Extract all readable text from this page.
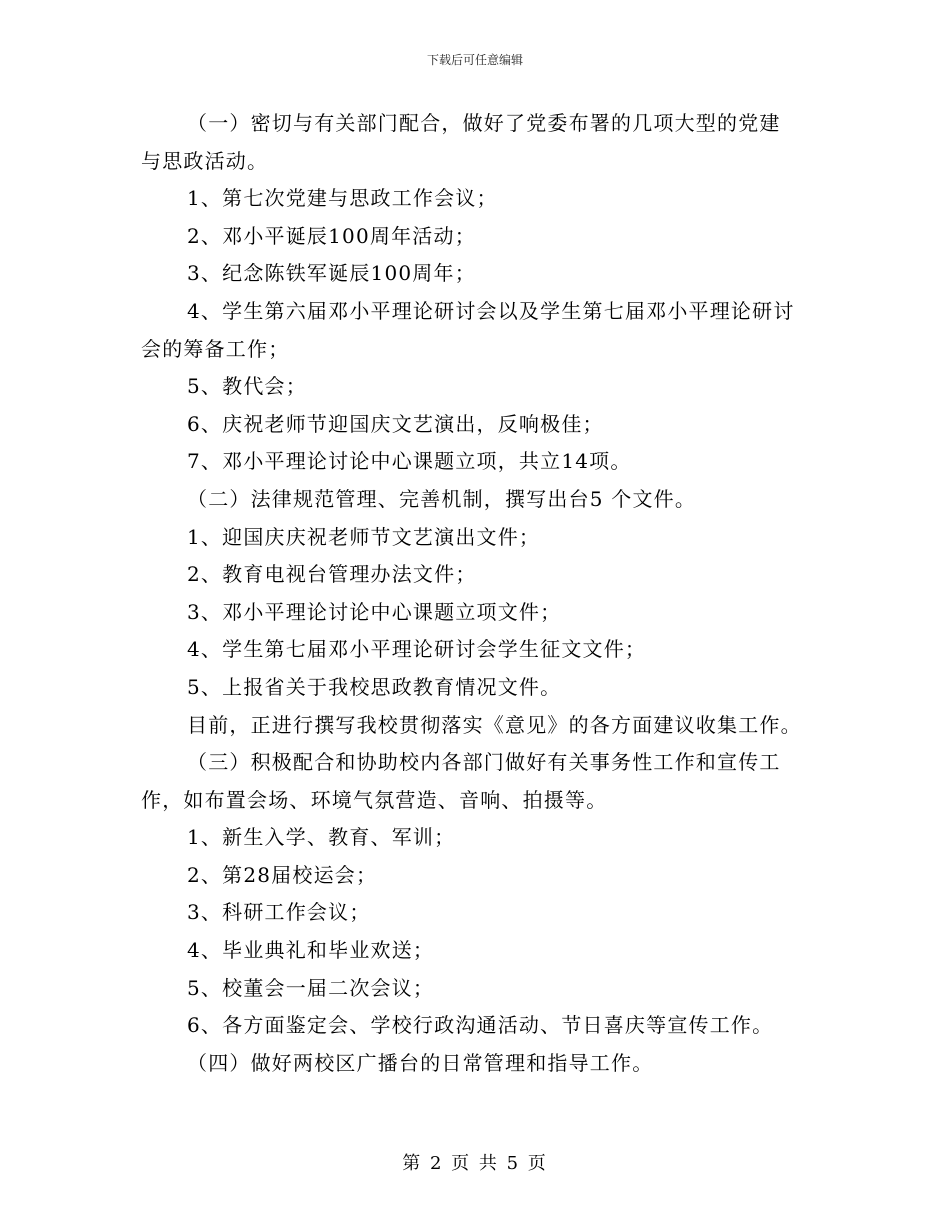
下载后可任意编辑
（一）密切与有关部门配合，做好了党委布署的几项大型的党建
与思政活动。
1、第七次党建与思政工作会议；
2、邓小平诞辰100周年活动；
3、纪念陈铁军诞辰100周年；
4、学生第六届邓小平理论研讨会以及学生第七届邓小平理论研讨
会的筹备工作；
5、教代会；
6、庆祝老师节迎国庆文艺演出，反响极佳；
7、邓小平理论讨论中心课题立项，共立14项。
（二）法律规范管理、完善机制，撰写出台5 个文件。
1、迎国庆庆祝老师节文艺演出文件；
2、教育电视台管理办法文件；
3、邓小平理论讨论中心课题立项文件；
4、学生第七届邓小平理论研讨会学生征文文件；
5、上报省关于我校思政教育情况文件。
目前，正进行撰写我校贯彻落实《意见》的各方面建议收集工作。
（三）积极配合和协助校内各部门做好有关事务性工作和宣传工
作，如布置会场、环境气氛营造、音响、拍摄等。
1、新生入学、教育、军训；
2、第28届校运会；
3、科研工作会议；
4、毕业典礼和毕业欢送；
5、校董会一届二次会议；
6、各方面鉴定会、学校行政沟通活动、节日喜庆等宣传工作。
（四）做好两校区广播台的日常管理和指导工作。
第 2 页 共 5 页
